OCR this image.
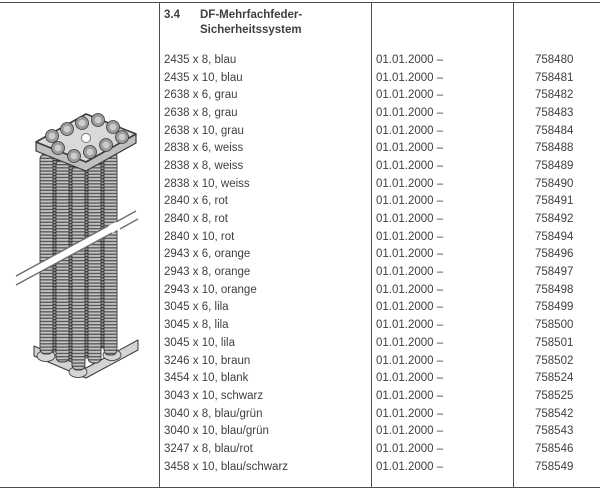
3.4 DF-Mehrfachfeder-
Sicherheitssystem
2435 x 8, blau	01.01.2000 –	758480
2435 x 10, blau	01.01.2000 –	758481
2638 x 6, grau	01.01.2000 –	758482
2638 x 8, grau	01.01.2000 –	758483
2638 x 10, grau	01.01.2000 –	758484
2838 x 6, weiss	01.01.2000 –	758488
2838 x 8, weiss	01.01.2000 –	758489
2838 x 10, weiss	01.01.2000 –	758490
2840 x 6, rot	01.01.2000 –	758491
2840 x 8, rot	01.01.2000 –	758492
2840 x 10, rot	01.01.2000 –	758494
2943 x 6, orange	01.01.2000 –	758496
2943 x 8, orange	01.01.2000 –	758497
2943 x 10, orange	01.01.2000 –	758498
3045 x 6, lila	01.01.2000 –	758499
3045 x 8, lila	01.01.2000 –	758500
3045 x 10, lila	01.01.2000 –	758501
3246 x 10, braun	01.01.2000 –	758502
3454 x 10, blank	01.01.2000 –	758524
3043 x 10, schwarz	01.01.2000 –	758525
3040 x 8, blau/grün	01.01.2000 –	758542
3040 x 10, blau/grün	01.01.2000 –	758543
3247 x 8, blau/rot	01.01.2000 –	758546
3458 x 10, blau/schwarz	01.01.2000 –	758549
